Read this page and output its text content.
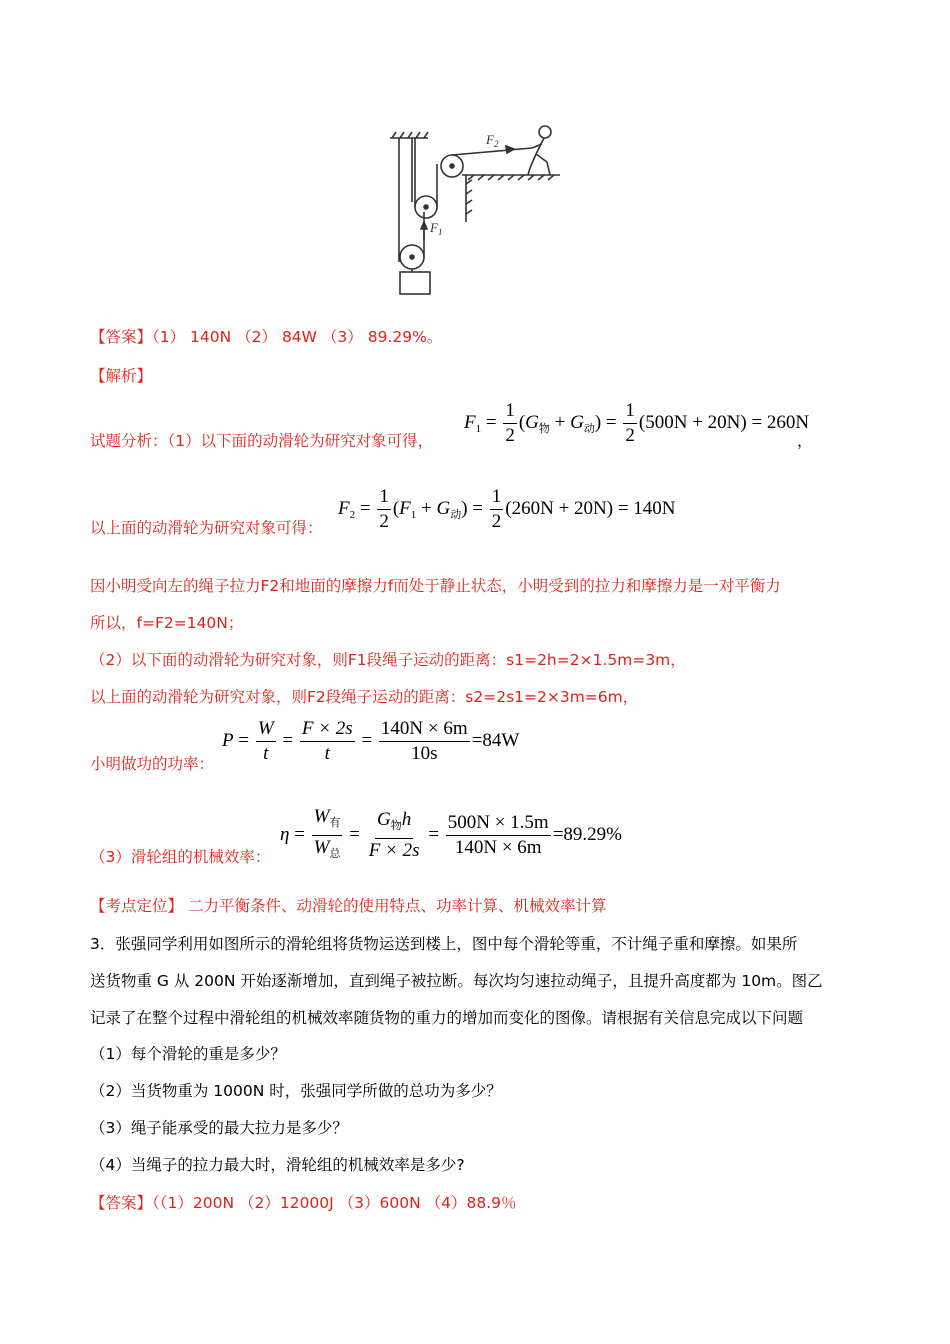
$F_2$
$F_1$
【答案】（1） 140N （2） 84W （3） 89.29%。
【解析】
试题分析：（1）以下面的动滑轮为研究对象可得，
$F_1 = \frac{1}{2} (G_物 + G_动) = \frac{1}{2} (500N + 20N) = 260N$
，
以上面的动滑轮为研究对象可得：
$F_2 = \frac{1}{2} (F_1 + G_动) = \frac{1}{2} (260N + 20N) = 140N$
因小明受向左的绳子拉力F2和地面的摩擦力f而处于静止状态，小明受到的拉力和摩擦力是一对平衡力
所以，f=F2=140N；
（2）以下面的动滑轮为研究对象，则F1段绳子运动的距离：s1=2h=2×1.5m=3m，
以上面的动滑轮为研究对象，则F2段绳子运动的距离：s2=2s1=2×3m=6m，
小明做功的功率：
$P = \frac{W}{t} = \frac{F \times 2s}{t} = \frac{140N \times 6m}{10s} =84W$
（3）滑轮组的机械效率：
$\eta = \frac{W_有}{W_总} = \frac{G_物h}{F \times 2s} = \frac{500N \times 1.5m}{140N \times 6m} =89.29\%$
【考点定位】 二力平衡条件、动滑轮的使用特点、功率计算、机械效率计算
3．张强同学利用如图所示的滑轮组将货物运送到楼上，图中每个滑轮等重，不计绳子重和摩擦。如果所
送货物重 G 从 200N 开始逐渐增加，直到绳子被拉断。每次均匀速拉动绳子，且提升高度都为 10m。图乙
记录了在整个过程中滑轮组的机械效率随货物的重力的增加而变化的图像。请根据有关信息完成以下问题
（1）每个滑轮的重是多少？
（2）当货物重为 1000N 时，张强同学所做的总功为多少？
（3）绳子能承受的最大拉力是多少？
（4）当绳子的拉力最大时，滑轮组的机械效率是多少?
【答案】（（1）200N （2）12000J （3）600N （4）88.9％
